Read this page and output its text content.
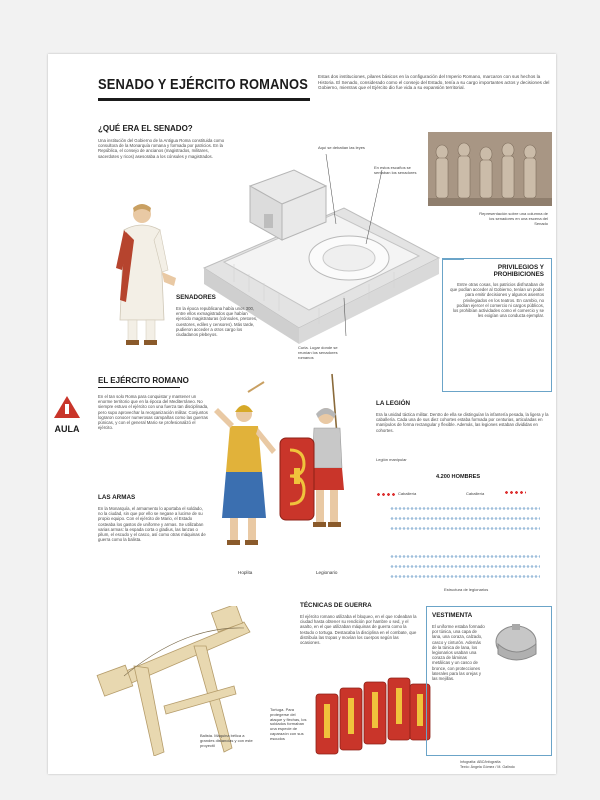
SENADO Y EJÉRCITO ROMANOS Estas dos instituciones, pilares básicos en la configuración del Imperio Romano, marcaron con sus hechos la Historia. El Senado, considerado como el consejo del Estado, tenía a su cargo importantes actos y decisiones del Gobierno, mientras que el Ejército dio fue vida a su expansión territorial.
¿QUÉ ERA EL SENADO?
Una institución del Gobierno de la Antigua Roma constituida como consultora de la Monarquía romana y formada por patricios. En la República, el consejo de ancianos (magistrados, militares, sacerdotes y ricos) asesoraba a los cónsules y magistrados.
Aquí se debatían las leyes
En estos escaños se sentaban los senadores
Curia. Lugar donde se reunían los senadores romanos
Representación sobre una columna de los senadores en una escena del Senado
SENADORES
En la época republicana había unos 300, entre ellos exmagistrados que habían ejercido magistraturas (cónsules, pretores, cuestores, ediles y censores). Más tarde, pudieron acceder a otros cargo los ciudadanos plebeyos.
PRIVILEGIOS Y PROHIBICIONES
Entre otras cosas, los patricios disfrutaban de que podían acceder al Gobierno, tenían un poder para emitir decisiones y algunos asientos privilegiados en los teatros. En cambio, no podían ejercer el comercio ni cargos públicos, los prohibían actividades como el comercio y se les exigían una conducta ejemplar.
EL EJÉRCITO ROMANO
En el tan solo Roma para conquistar y mantener un enorme territorio que en la época del Mediterráneo. No siempre estuvo el ejército con una fuerza tan disciplinada, pero supo aprovechar la reorganización militar. Conjuntos lograron conocer numerosas campañas como las guerras púnicas, y con el general Mario se profesionalizó el ejército.
Hoplita	Legionario
LA LEGIÓN
Era la unidad táctica militar. Dentro de ella se distinguían la infantería pesada, la ligera y la caballería. Cada una de sus diez cohortes estaba formada por centurias, articuladas en manípulos de forma rectangular y flexible. Además, las legiones estaban divididas en cohortes.
Legión manipular
4.200 HOMBRES
Caballería	Caballería
Estructura de legionarios
LAS ARMAS
En la Monarquía, el armamento lo aportaba el soldado, no la ciudad, sin que por ello se negase a lucirse de su propio equipo. Con el ejército de Mario, el Estado costeaba los gastos de uniforme y armas. Se utilizaban varias armas: la espada corta o gladius, las lanzas o pilum, el escudo y el casco, así como otras máquinas de guerra como la balista.
Balista. Máquina bélica a grandes distancias y con este proyectil
TÉCNICAS DE GUERRA
El ejército romano utilizaba el bloqueo, en el que rodeaban la ciudad hasta obtener su rendición por hambre o sed, y el asalto, en el que utilizaban máquinas de guerra como la testudo o tortuga. Destacaba la disciplina en el combate, que distribuía las tropas y movían los cuerpos según las ocasiones.
Tortuga. Para protegerse del ataque y flechas, los soldados formaban una especie de caparazón con sus escudos
VESTIMENTA
El uniforme estaba formado por túnica, una capa de lana, una coraza, calzado, casco y cinturón. Además de la túnica de lana, los legionarios usaban una coraza de láminas metálicas y un casco de bronce, con protecciones laterales para las orejas y las mejillas.
Infografía: ABC/Infografía
Texto: Ángela Gómez / M. Galindo
AULA
